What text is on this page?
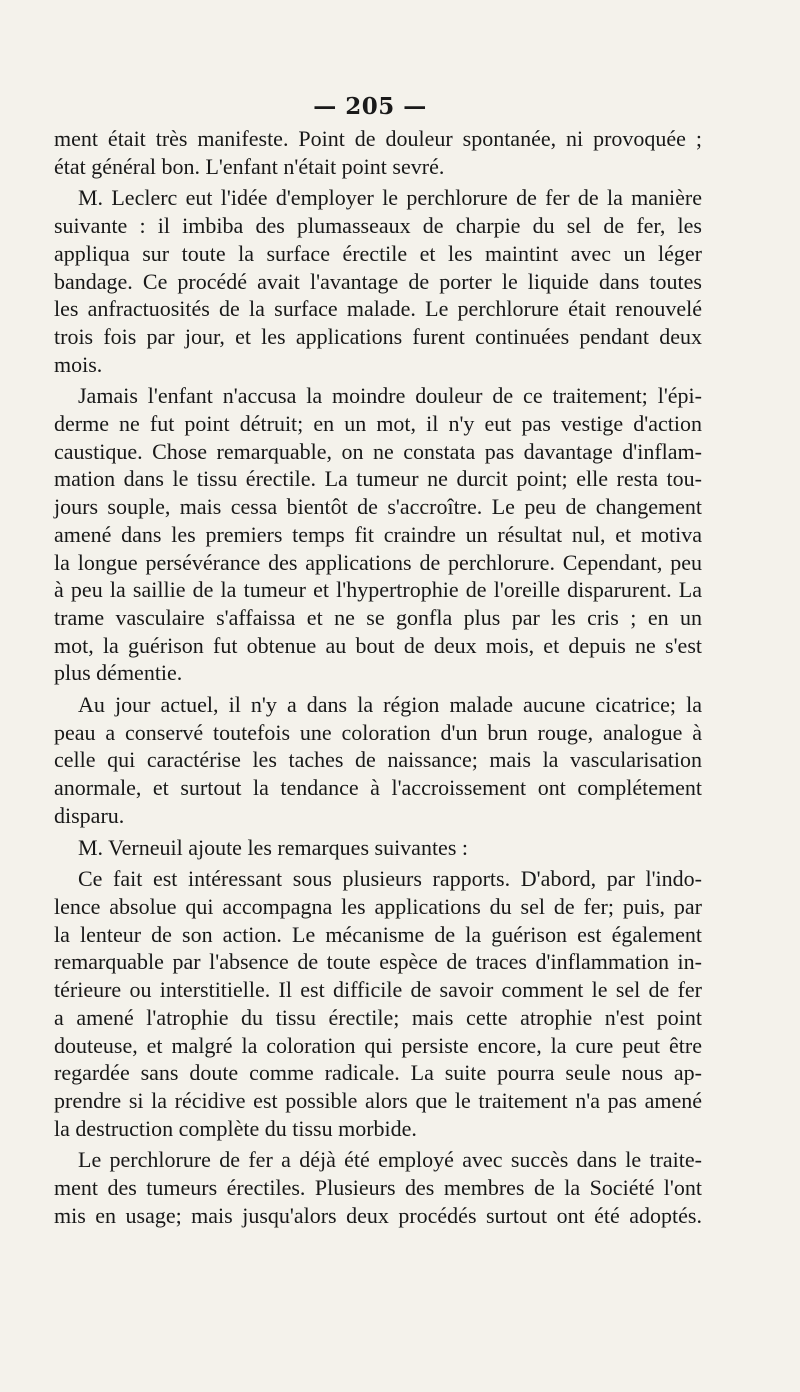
— 205 —
ment était très manifeste. Point de douleur spontanée, ni provoquée ;
état général bon. L'enfant n'était point sevré.
M. Leclerc eut l'idée d'employer le perchlorure de fer de la manière
suivante : il imbiba des plumasseaux de charpie du sel de fer, les
appliqua sur toute la surface érectile et les maintint avec un léger
bandage. Ce procédé avait l'avantage de porter le liquide dans toutes
les anfractuosités de la surface malade. Le perchlorure était renouvelé
trois fois par jour, et les applications furent continuées pendant deux
mois.
Jamais l'enfant n'accusa la moindre douleur de ce traitement; l'épi-
derme ne fut point détruit; en un mot, il n'y eut pas vestige d'action
caustique. Chose remarquable, on ne constata pas davantage d'inflam-
mation dans le tissu érectile. La tumeur ne durcit point; elle resta tou-
jours souple, mais cessa bientôt de s'accroître. Le peu de changement
amené dans les premiers temps fit craindre un résultat nul, et motiva
la longue persévérance des applications de perchlorure. Cependant, peu
à peu la saillie de la tumeur et l'hypertrophie de l'oreille disparurent. La
trame vasculaire s'affaissa et ne se gonfla plus par les cris ; en un
mot, la guérison fut obtenue au bout de deux mois, et depuis ne s'est
plus démentie.
Au jour actuel, il n'y a dans la région malade aucune cicatrice; la
peau a conservé toutefois une coloration d'un brun rouge, analogue à
celle qui caractérise les taches de naissance; mais la vascularisation
anormale, et surtout la tendance à l'accroissement ont complétement
disparu.
M. Verneuil ajoute les remarques suivantes :
Ce fait est intéressant sous plusieurs rapports. D'abord, par l'indo-
lence absolue qui accompagna les applications du sel de fer; puis, par
la lenteur de son action. Le mécanisme de la guérison est également
remarquable par l'absence de toute espèce de traces d'inflammation in-
térieure ou interstitielle. Il est difficile de savoir comment le sel de fer
a amené l'atrophie du tissu érectile; mais cette atrophie n'est point
douteuse, et malgré la coloration qui persiste encore, la cure peut être
regardée sans doute comme radicale. La suite pourra seule nous ap-
prendre si la récidive est possible alors que le traitement n'a pas amené
la destruction complète du tissu morbide.
Le perchlorure de fer a déjà été employé avec succès dans le traite-
ment des tumeurs érectiles. Plusieurs des membres de la Société l'ont
mis en usage; mais jusqu'alors deux procédés surtout ont été adoptés.
